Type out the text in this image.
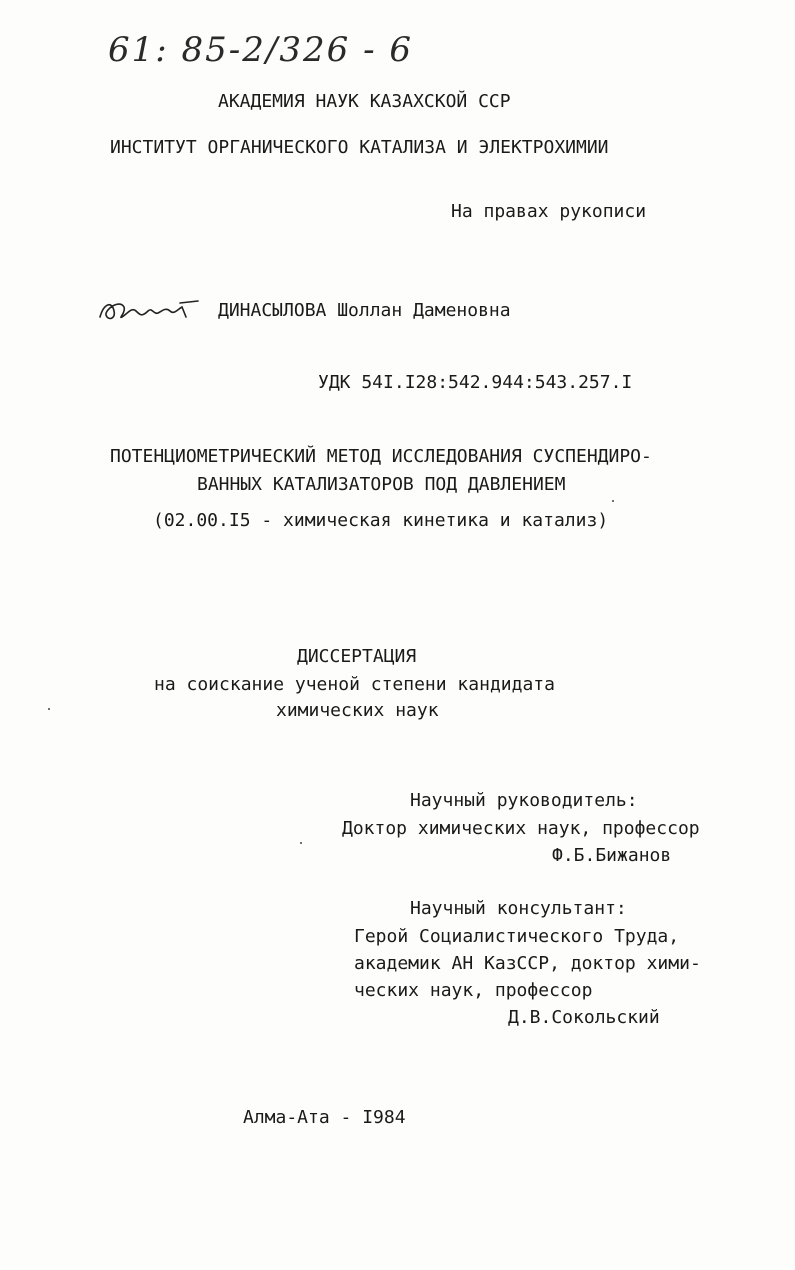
61: 85-2/326 - 6
АКАДЕМИЯ НАУК КАЗАХСКОЙ ССР
ИНСТИТУТ ОРГАНИЧЕСКОГО КАТАЛИЗА И ЭЛЕКТРОХИМИИ
На правах рукописи
ДИНАСЫЛОВА Шоллан Даменовна
УДК 54I.I28:542.944:543.257.I
ПОТЕНЦИОМЕТРИЧЕСКИЙ МЕТОД ИССЛЕДОВАНИЯ СУСПЕНДИРО-
ВАННЫХ КАТАЛИЗАТОРОВ ПОД ДАВЛЕНИЕМ
(02.00.I5 - химическая кинетика и катализ)
ДИССЕРТАЦИЯ
на соискание ученой степени кандидата
химических наук
Научный руководитель:
Доктор химических наук, профессор
Ф.Б.Бижанов
Научный консультант:
Герой Социалистического Труда,
академик АН КазССР, доктор хими-
ческих наук, профессор
Д.В.Сокольский
Алма-Ата - I984
